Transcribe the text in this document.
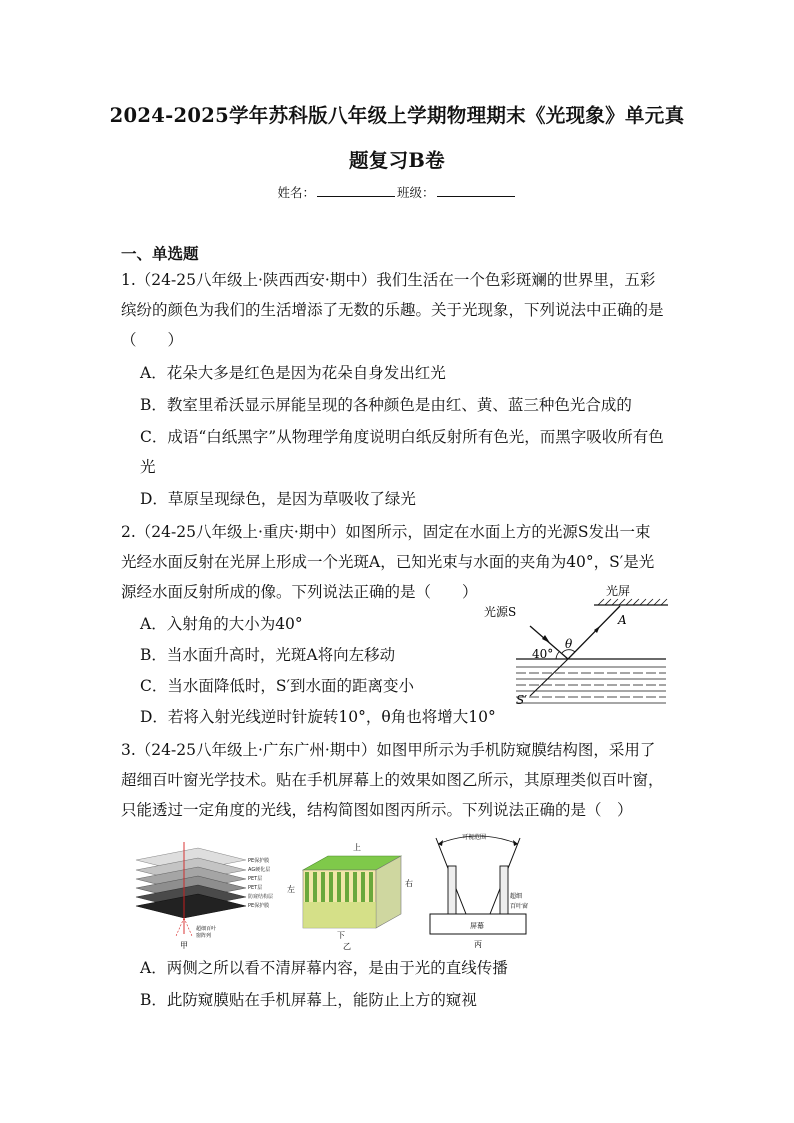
2024-2025学年苏科版八年级上学期物理期末《光现象》单元真
题复习B卷
姓名：	班级：
一、单选题
1.（24-25八年级上·陕西西安·期中）我们生活在一个色彩斑斓的世界里，五彩
缤纷的颜色为我们的生活增添了无数的乐趣。关于光现象，下列说法中正确的是
（　　）
A．花朵大多是红色是因为花朵自身发出红光
B．教室里希沃显示屏能呈现的各种颜色是由红、黄、蓝三种色光合成的
C．成语“白纸黑字”从物理学角度说明白纸反射所有色光，而黑字吸收所有色
光
D．草原呈现绿色，是因为草吸收了绿光
2.（24-25八年级上·重庆·期中）如图所示，固定在水面上方的光源S发出一束
光经水面反射在光屏上形成一个光斑A，已知光束与水面的夹角为40°，S′是光
源经水面反射所成的像。下列说法正确的是（　　）
A．入射角的大小为40°
B．当水面升高时，光斑A将向左移动
C．当水面降低时，S′到水面的距离变小
D．若将入射光线逆时针旋转10°，θ角也将增大10°
光屏
光源S
40°
θ
A
S′
3.（24-25八年级上·广东广州·期中）如图甲所示为手机防窥膜结构图，采用了
超细百叶窗光学技术。贴在手机屏幕上的效果如图乙所示，其原理类似百叶窗，
只能透过一定角度的光线，结构简图如图丙所示。下列说法正确的是（　）
PE保护膜
AG硬化层
PET层
PET层
防窥结构层
PE保护膜
超细百叶
窗阵列
甲
上
左
右
下
乙
可视范围
屏幕
超细
百叶窗
丙
A．两侧之所以看不清屏幕内容，是由于光的直线传播
B．此防窥膜贴在手机屏幕上，能防止上方的窥视
